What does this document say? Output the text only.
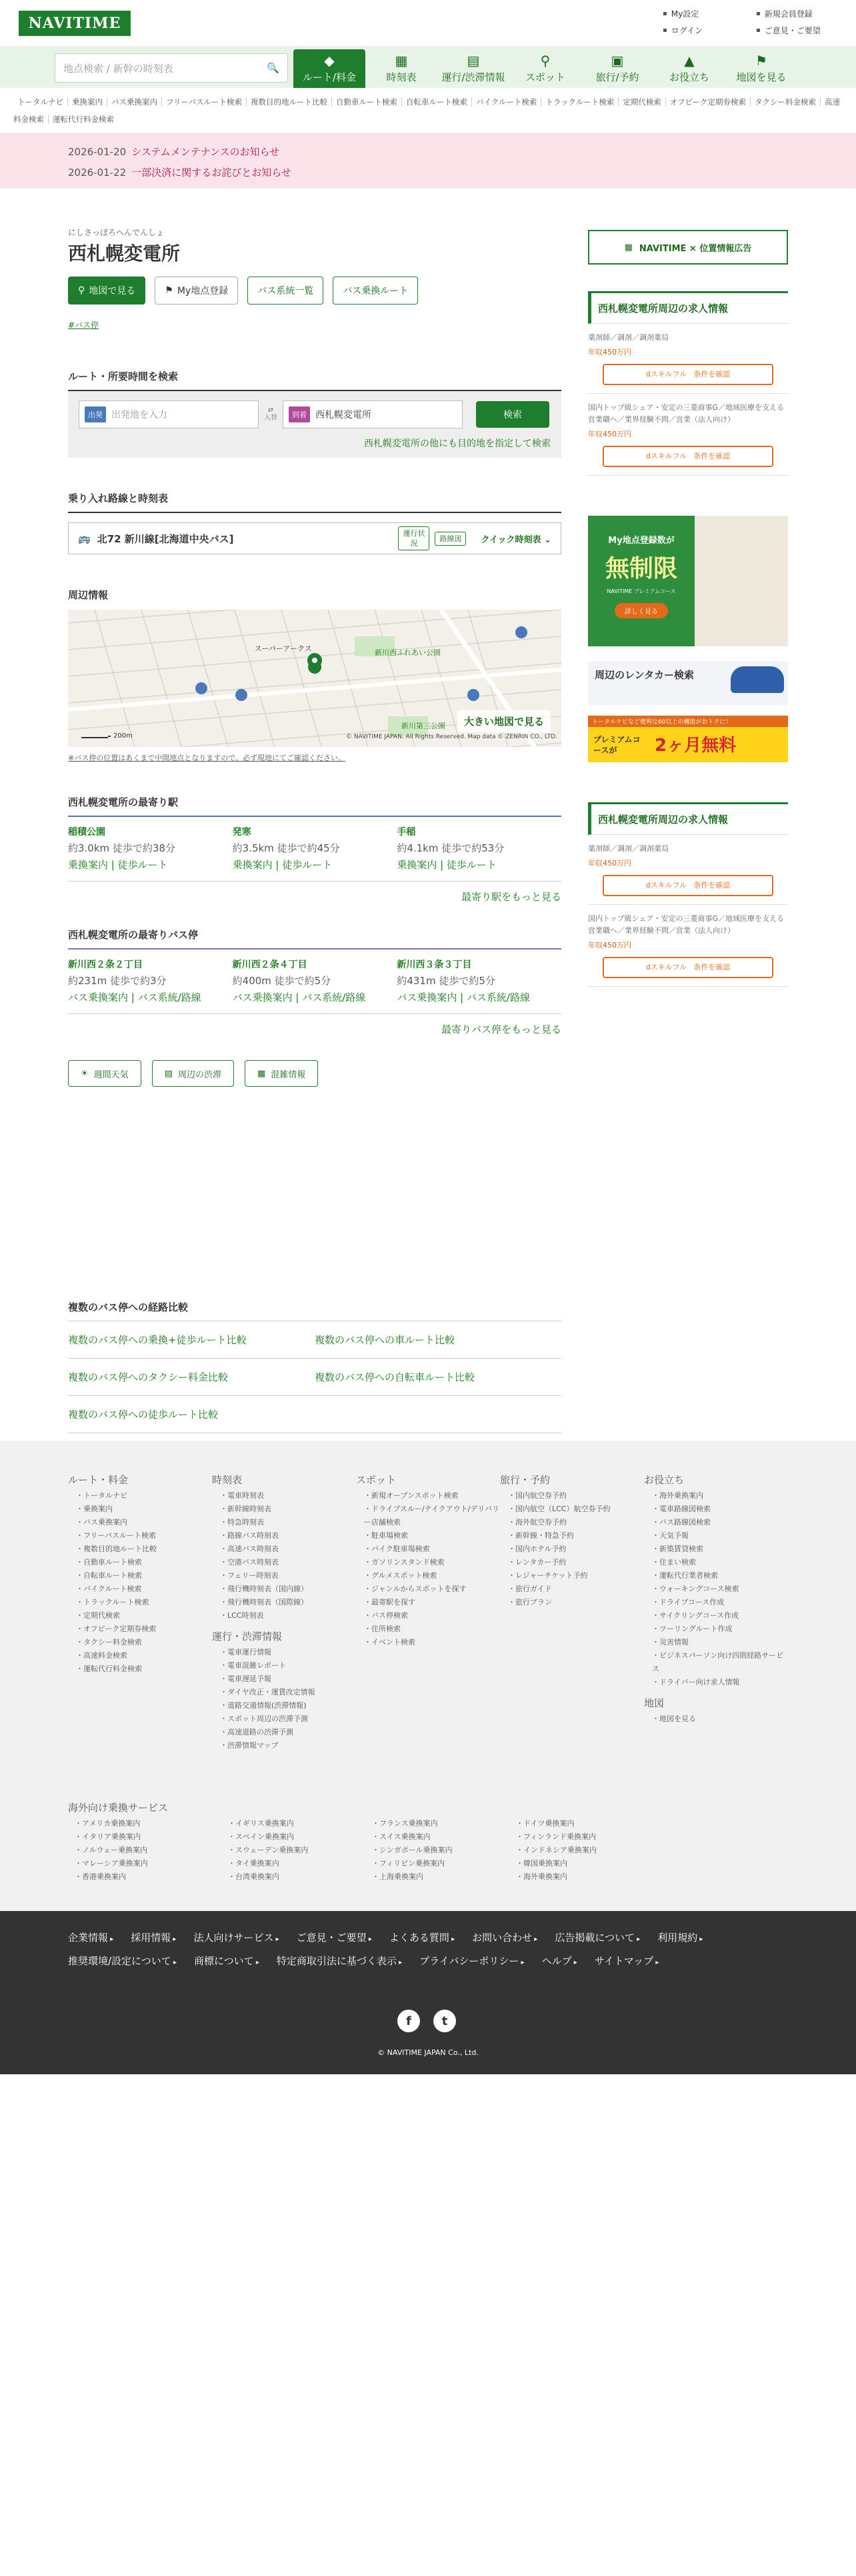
NAVITIME
▪ My設定	▪ 新規会員登録
▪ ログイン	▪ ご意見・ご要望
地点検索 / 新幹の時刻表	🔍	◆
ルート/料金
▦
時刻表
▤
運行/渋滞情報
⚲
スポット
▣
旅行/予約
▲
お役立ち
⚑
地図を見る
トータルナビ 乗換案内 バス乗換案内 フリーパスルート検索 複数目的地ルート比較 自動車ルート検索 自転車ルート検索 バイクルート検索 トラックルート検索 定期代検索 オフピーク定期券検索 タクシー料金検索 高速料金検索 運転代行料金検索
2026-01-20 システムメンテナンスのお知らせ
2026-01-22 一部決済に関するお詫びとお知らせ
にしさっぽろへんでんしょ
西札幌変電所
⚲ 地図で見る	⚑ My地点登録	バス系統一覧	バス乗換ルート
#バス停
ルート・所要時間を検索
出発 出発地を入力	⇄
入替	到着 西札幌変電所	検索
西札幌変電所の他にも目的地を指定して検索
乗り入れ路線と時刻表
🚌 北72 新川線[北海道中央バス]	運行状
況
路線図	クイック時刻表 ⌄
周辺情報
スーパーアークス	新川西ふれあい公園
新川第三公園
200m	© NAVITIME JAPAN. All Rights Reserved. Map data © ZENRIN CO., LTD.
大きい地図で見る
※バス停の位置はあくまで中間地点となりますので、必ず現地にてご確認ください。
西札幌変電所の最寄り駅
稲積公園
約3.0km 徒歩で約38分
乗換案内 | 徒歩ルート
発寒
約3.5km 徒歩で約45分
乗換案内 | 徒歩ルート
手稲
約4.1km 徒歩で約53分
乗換案内 | 徒歩ルート
最寄り駅をもっと見る
西札幌変電所の最寄りバス停
新川西２条２丁目
約231m 徒歩で約3分
バス乗換案内 | バス系統/路線
新川西２条４丁目
約400m 徒歩で約5分
バス乗換案内 | バス系統/路線
新川西３条３丁目
約431m 徒歩で約5分
バス乗換案内 | バス系統/路線
最寄りバス停をもっと見る
☀ 週間天気	▤ 周辺の渋滞	▦ 混雑情報
複数のバス停への経路比較
複数のバス停への乗換+徒歩ルート比較	複数のバス停への車ルート比較
複数のバス停へのタクシー料金比較	複数のバス停への自転車ルート比較
複数のバス停への徒歩ルート比較
▦ NAVITIME × 位置情報広告
西札幌変電所周辺の求人情報
薬剤師／調剤／調剤薬局
年収450万円
dスキルフル 条件を確認
国内トップ級シェア・安定の三菱商事G／地域医療を支える営業職へ／業界経験不問／営業（法人向け）
年収450万円
dスキルフル 条件を確認
My地点登録数が
無制限
NAVITIME プレミアムコース
詳しく見る
周辺のレンタカー検索
トータルナビなど便利な60以上の機能がおトクに！
プレミアムコースが	2ヶ月無料
西札幌変電所周辺の求人情報
薬剤師／調剤／調剤薬局
年収450万円
dスキルフル 条件を確認
国内トップ級シェア・安定の三菱商事G／地域医療を支える営業職へ／業界経験不問／営業（法人向け）
年収450万円
dスキルフル 条件を確認
ルート・料金
・ トータルナビ
・ 乗換案内
・ バス乗換案内
・ フリーパスルート検索
・ 複数目的地ルート比較
・ 自動車ルート検索
・ 自転車ルート検索
・ バイクルート検索
・ トラックルート検索
・ 定期代検索
・ オフピーク定期券検索
・ タクシー料金検索
・ 高速料金検索
・ 運転代行料金検索
時刻表
・ 電車時刻表
・ 新幹線時刻表
・ 特急時刻表
・ 路線バス時刻表
・ 高速バス時刻表
・ 空港バス時刻表
・ フェリー時刻表
・ 飛行機時刻表（国内線）
・ 飛行機時刻表（国際線）
・ LCC時刻表
運行・渋滞情報
・ 電車運行情報
・ 電車混雑レポート
・ 電車遅延予報
・ ダイヤ改正・運賃改定情報
・ 道路交通情報(渋滞情報)
・ スポット周辺の渋滞予測
・ 高速道路の渋滞予測
・ 渋滞情報マップ
スポット
・ 新規オープンスポット検索
・ ドライブスルー/テイクアウト/デリバリー店舗検索
・ 駐車場検索
・ バイク駐車場検索
・ ガソリンスタンド検索
・ グルメスポット検索
・ ジャンルからスポットを探す
・ 最寄駅を探す
・ バス停検索
・ 住所検索
・ イベント検索
旅行・予約
・ 国内航空券予約
・ 国内航空（LCC）航空券予約
・ 海外航空券予約
・ 新幹線・特急予約
・ 国内ホテル予約
・ レンタカー予約
・ レジャーチケット予約
・ 旅行ガイド
・ 旅行プラン
お役立ち
・ 海外乗換案内
・ 電車路線図検索
・ バス路線図検索
・ 天気予報
・ 新築賃貸検索
・ 住まい検索
・ 運転代行業者検索
・ ウォーキングコース検索
・ ドライブコース作成
・ サイクリングコース作成
・ ツーリングルート作成
・ 災害情報
・ ビジネスパーソン向け四則経路サービス
・ ドライバー向け求人情報
地図
・ 地図を見る
海外向け乗換サービス
・ アメリカ乗換案内	・ イギリス乗換案内	・ フランス乗換案内	・ ドイツ乗換案内
・ イタリア乗換案内	・ スペイン乗換案内	・ スイス乗換案内	・ フィンランド乗換案内
・ ノルウェー乗換案内	・ スウェーデン乗換案内	・ シンガポール乗換案内	・ インドネシア乗換案内
・ マレーシア乗換案内	・ タイ乗換案内	・ フィリピン乗換案内	・ 韓国乗換案内
・ 香港乗換案内	・ 台湾乗換案内	・ 上海乗換案内	・ 海外乗換案内
企業情報 ▸ 採用情報 ▸ 法人向けサービス ▸ ご意見・ご要望 ▸ よくある質問 ▸ お問い合わせ ▸ 広告掲載について ▸ 利用規約 ▸推奨環境/設定について ▸ 商標について ▸ 特定商取引法に基づく表示 ▸ プライバシーポリシー ▸ ヘルプ ▸ サイトマップ ▸
f	t
© NAVITIME JAPAN Co., Ltd.
